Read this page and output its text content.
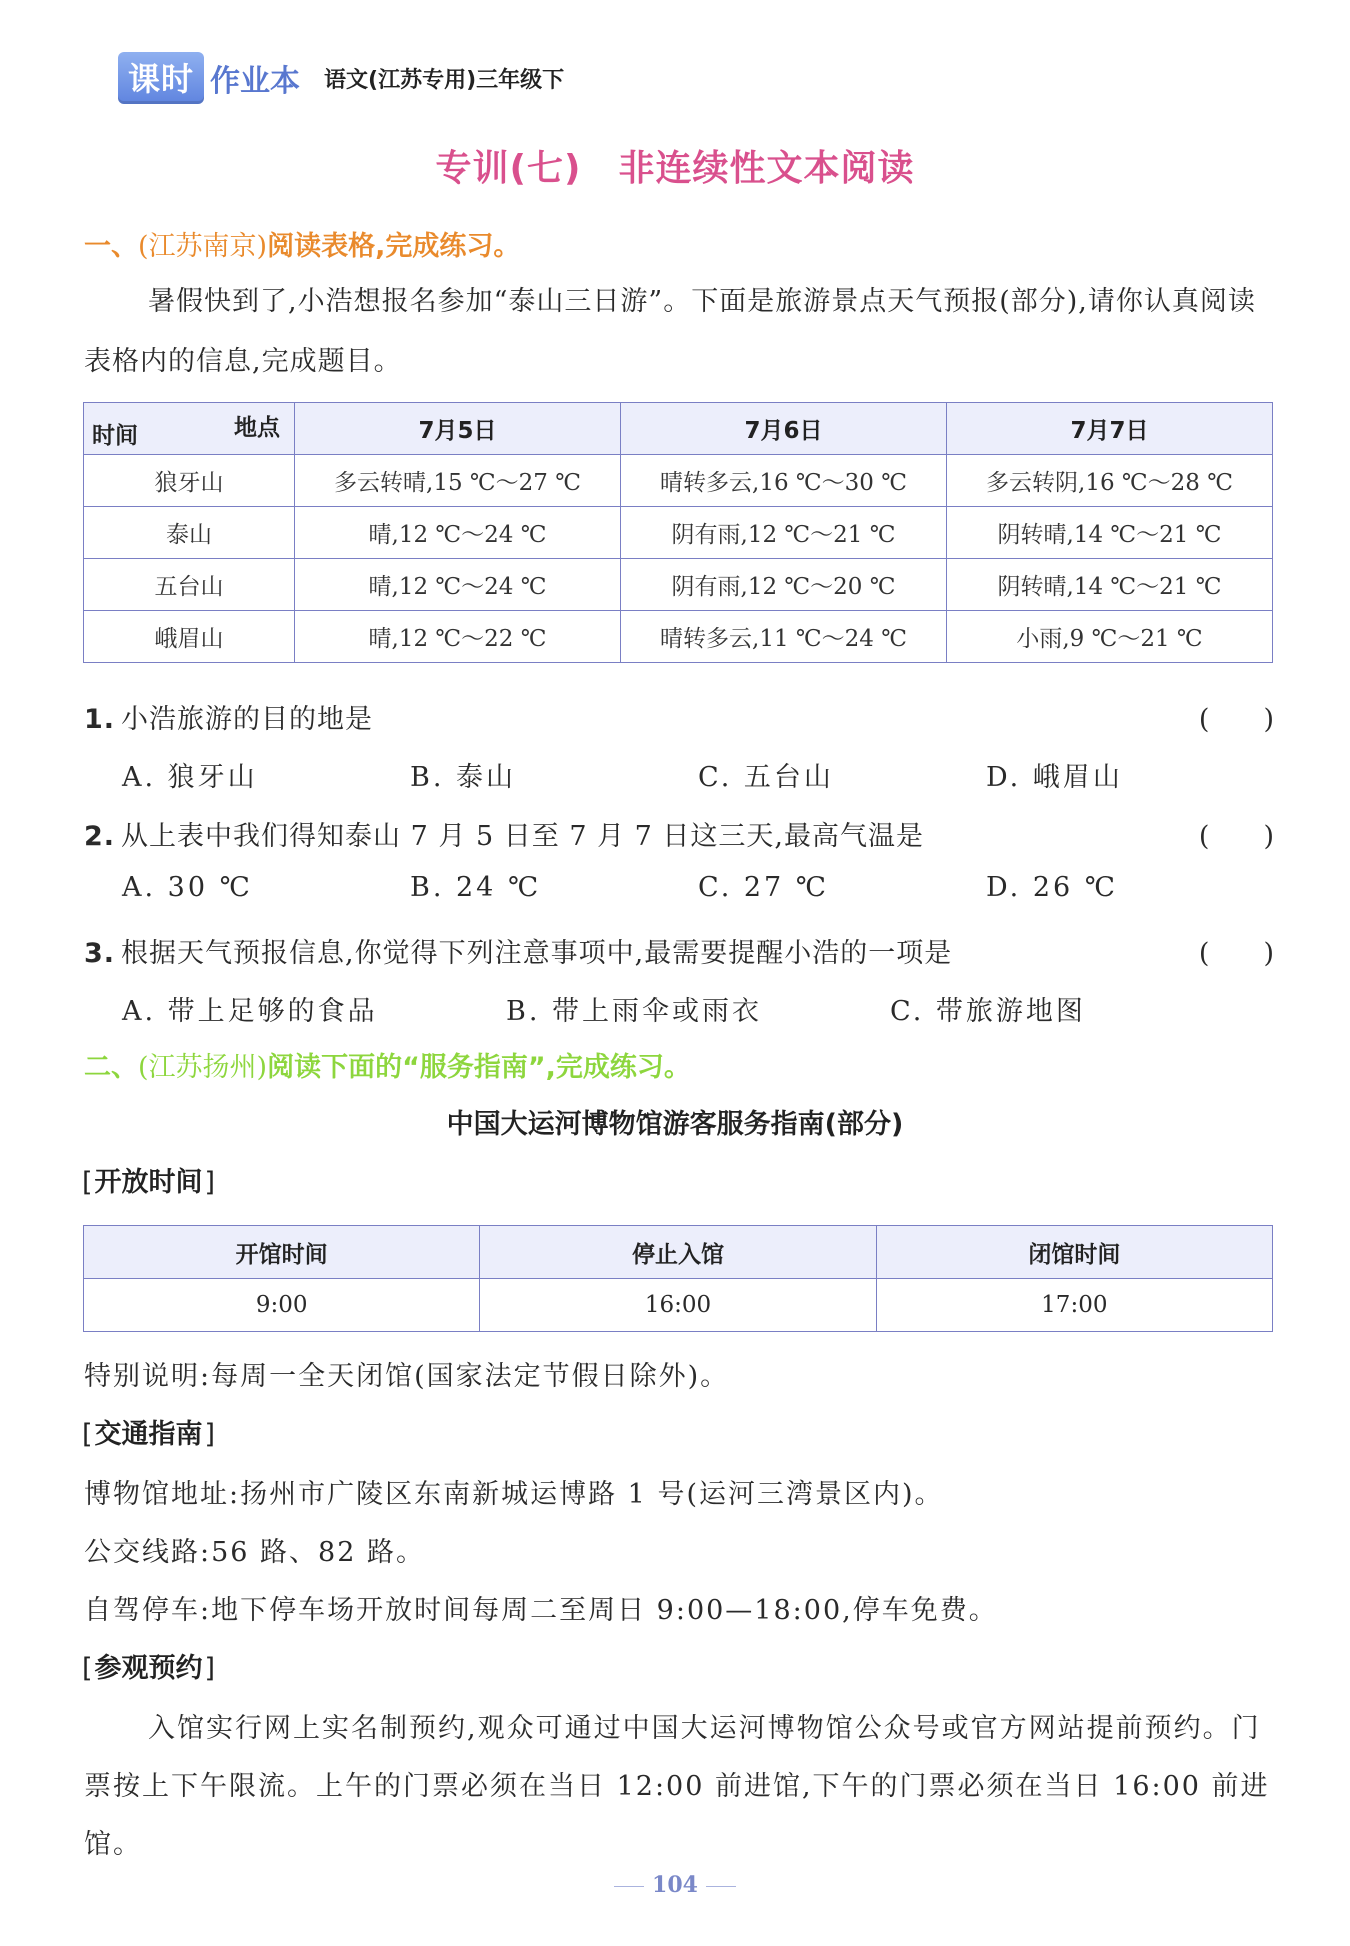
课时 作业本 语文(江苏专用)三年级下
专训(七)　非连续性文本阅读
一、(江苏南京)阅读表格,完成练习。
暑假快到了,小浩想报名参加“泰山三日游”。下面是旅游景点天气预报(部分),请你认真阅读表格内的信息,完成题目。
地点
时间	7月5日	7月6日	7月7日
狼牙山	多云转晴,15 ℃～27 ℃	晴转多云,16 ℃～30 ℃	多云转阴,16 ℃～28 ℃
泰山	晴,12 ℃～24 ℃	阴有雨,12 ℃～21 ℃	阴转晴,14 ℃～21 ℃
五台山	晴,12 ℃～24 ℃	阴有雨,12 ℃～20 ℃	阴转晴,14 ℃～21 ℃
峨眉山	晴,12 ℃～22 ℃	晴转多云,11 ℃～24 ℃	小雨,9 ℃～21 ℃
1. 小浩旅游的目的地是	(　　)
A. 狼牙山	B. 泰山	C. 五台山	D. 峨眉山
2. 从上表中我们得知泰山 7 月 5 日至 7 月 7 日这三天,最高气温是	(　　)
A. 30 ℃	B. 24 ℃	C. 27 ℃	D. 26 ℃
3. 根据天气预报信息,你觉得下列注意事项中,最需要提醒小浩的一项是	(　　)
A. 带上足够的食品	B. 带上雨伞或雨衣	C. 带旅游地图
二、(江苏扬州)阅读下面的“服务指南”,完成练习。
中国大运河博物馆游客服务指南(部分)
[ 开放时间 ]
开馆时间	停止入馆	闭馆时间
9:00	16:00	17:00
特别说明:每周一全天闭馆(国家法定节假日除外)。
[ 交通指南 ]
博物馆地址:扬州市广陵区东南新城运博路 1 号(运河三湾景区内)。
公交线路:56 路、82 路。
自驾停车:地下停车场开放时间每周二至周日 9:00—18:00,停车免费。
[ 参观预约 ]
入馆实行网上实名制预约,观众可通过中国大运河博物馆公众号或官方网站提前预约。门票按上下午限流。上午的门票必须在当日 12:00 前进馆,下午的门票必须在当日 16:00 前进馆。
104
